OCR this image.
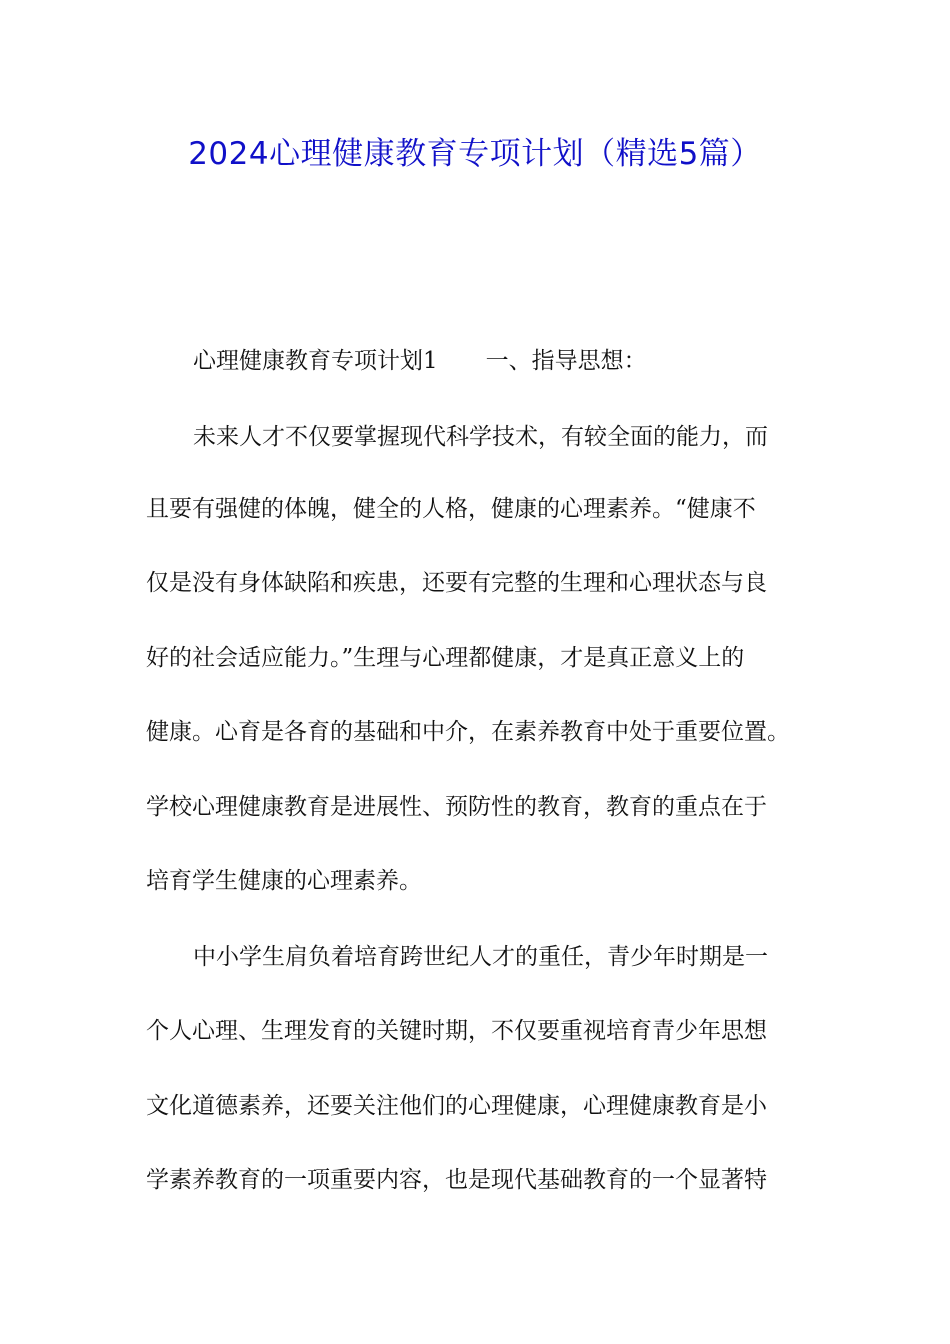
2024心理健康教育专项计划（精选5篇）
心理健康教育专项计划1 一、指导思想：
未来人才不仅要掌握现代科学技术，有较全面的能力，而
且要有强健的体魄，健全的人格，健康的心理素养。“健康不
仅是没有身体缺陷和疾患，还要有完整的生理和心理状态与良
好的社会适应能力。”生理与心理都健康，才是真正意义上的
健康。心育是各育的基础和中介，在素养教育中处于重要位置。
学校心理健康教育是进展性、预防性的教育，教育的重点在于
培育学生健康的心理素养。
中小学生肩负着培育跨世纪人才的重任，青少年时期是一
个人心理、生理发育的关键时期，不仅要重视培育青少年思想
文化道德素养，还要关注他们的心理健康，心理健康教育是小
学素养教育的一项重要内容，也是现代基础教育的一个显著特
